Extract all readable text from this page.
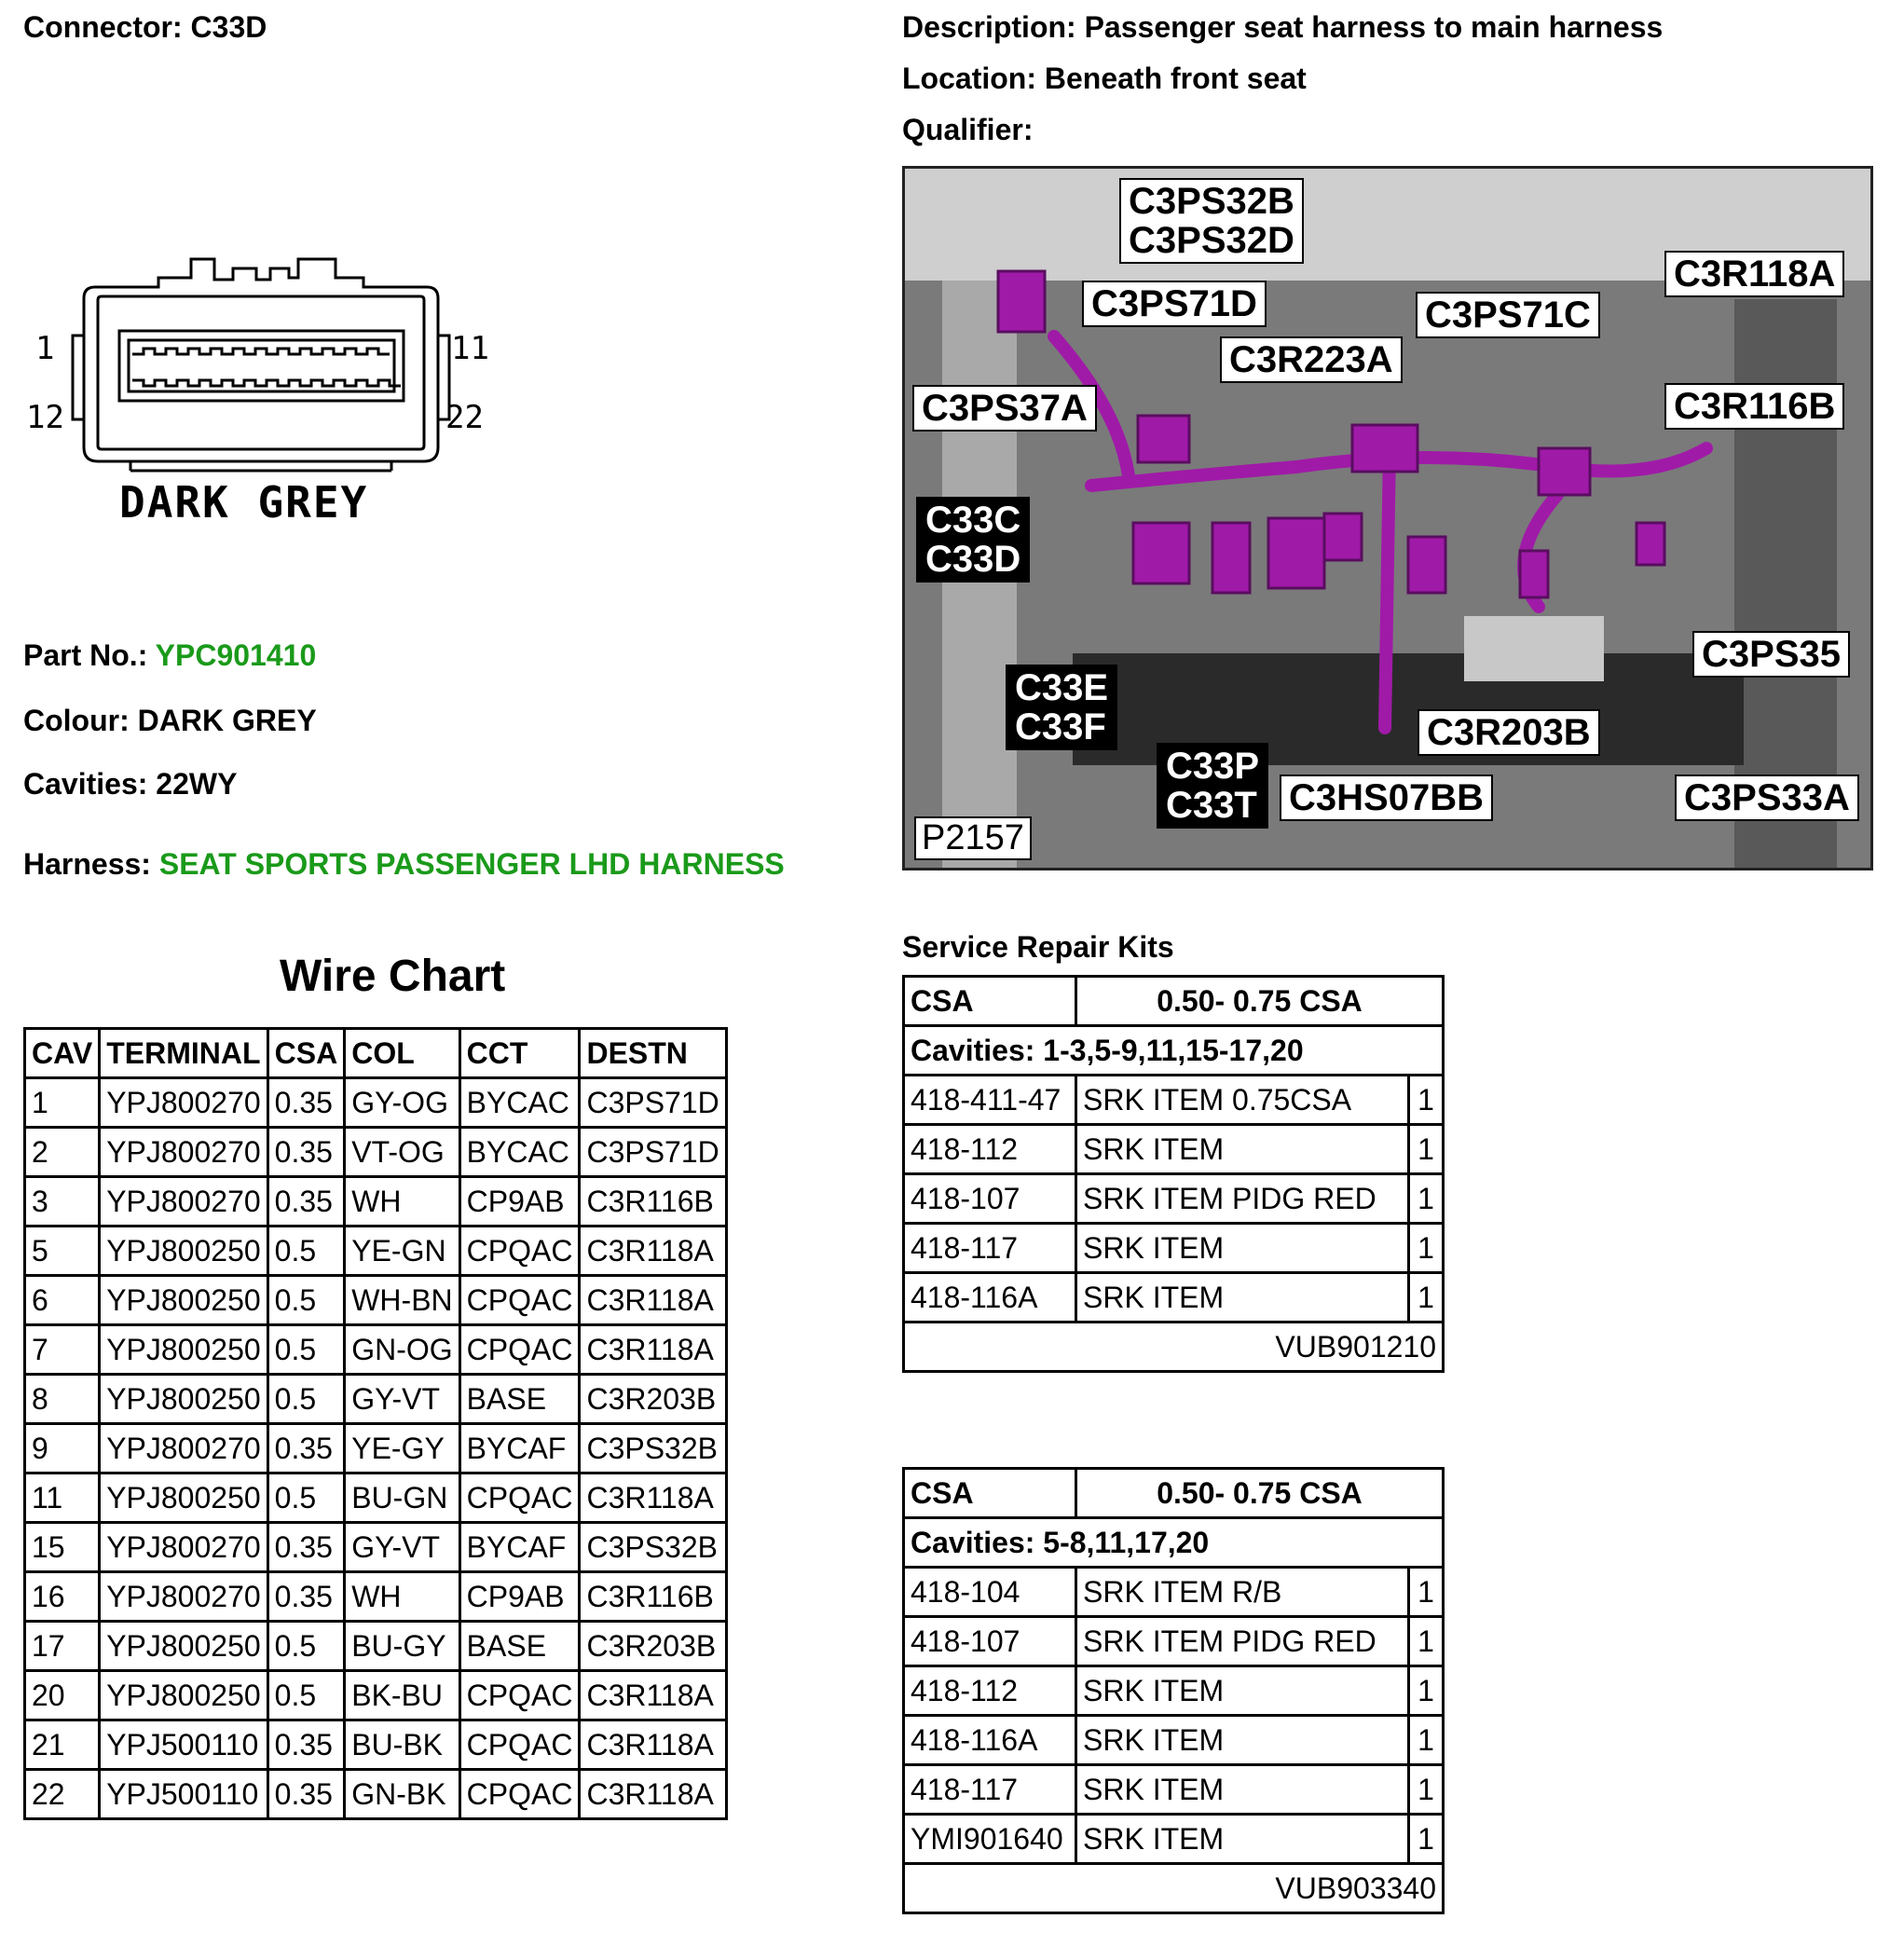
Connector: C33D	Description: Passenger seat harness to main harness
Location: Beneath front seat
Qualifier:
1	11
12	22
DARK GREY
Part No.: YPC901410
Colour: DARK GREY
Cavities: 22WY
Harness: SEAT SPORTS PASSENGER LHD HARNESS
C3PS32B
C3PS32D
C3PS71D
C3R118A
C3PS71C
C3R223A
C3PS37A	C3R116B
C33C
C33D
C3PS35
C33E
C33F	C3R203B
C33P
C33T C3HS07BB	C3PS33A
P2157
Wire Chart
CAV	TERMINAL	CSA	COL	CCT	DESTN
1	YPJ800270	0.35	GY-OG	BYCAC	C3PS71D
2	YPJ800270	0.35	VT-OG	BYCAC	C3PS71D
3	YPJ800270	0.35	WH	CP9AB	C3R116B
5	YPJ800250	0.5	YE-GN	CPQAC	C3R118A
6	YPJ800250	0.5	WH-BN	CPQAC	C3R118A
7	YPJ800250	0.5	GN-OG	CPQAC	C3R118A
8	YPJ800250	0.5	GY-VT	BASE	C3R203B
9	YPJ800270	0.35	YE-GY	BYCAF	C3PS32B
11	YPJ800250	0.5	BU-GN	CPQAC	C3R118A
15	YPJ800270	0.35	GY-VT	BYCAF	C3PS32B
16	YPJ800270	0.35	WH	CP9AB	C3R116B
17	YPJ800250	0.5	BU-GY	BASE	C3R203B
20	YPJ800250	0.5	BK-BU	CPQAC	C3R118A
21	YPJ500110	0.35	BU-BK	CPQAC	C3R118A
22	YPJ500110	0.35	GN-BK	CPQAC	C3R118A
Service Repair Kits
CSA	0.50- 0.75 CSA	
Cavities: 1-3,5-9,11,15-17,20		
418-411-47	SRK ITEM 0.75CSA	1
418-112	SRK ITEM	1
418-107	SRK ITEM PIDG RED	1
418-117	SRK ITEM	1
418-116A	SRK ITEM	1
VUB901210		
CSA	0.50- 0.75 CSA	
Cavities: 5-8,11,17,20		
418-104	SRK ITEM R/B	1
418-107	SRK ITEM PIDG RED	1
418-112	SRK ITEM	1
418-116A	SRK ITEM	1
418-117	SRK ITEM	1
YMI901640	SRK ITEM	1
VUB903340		
